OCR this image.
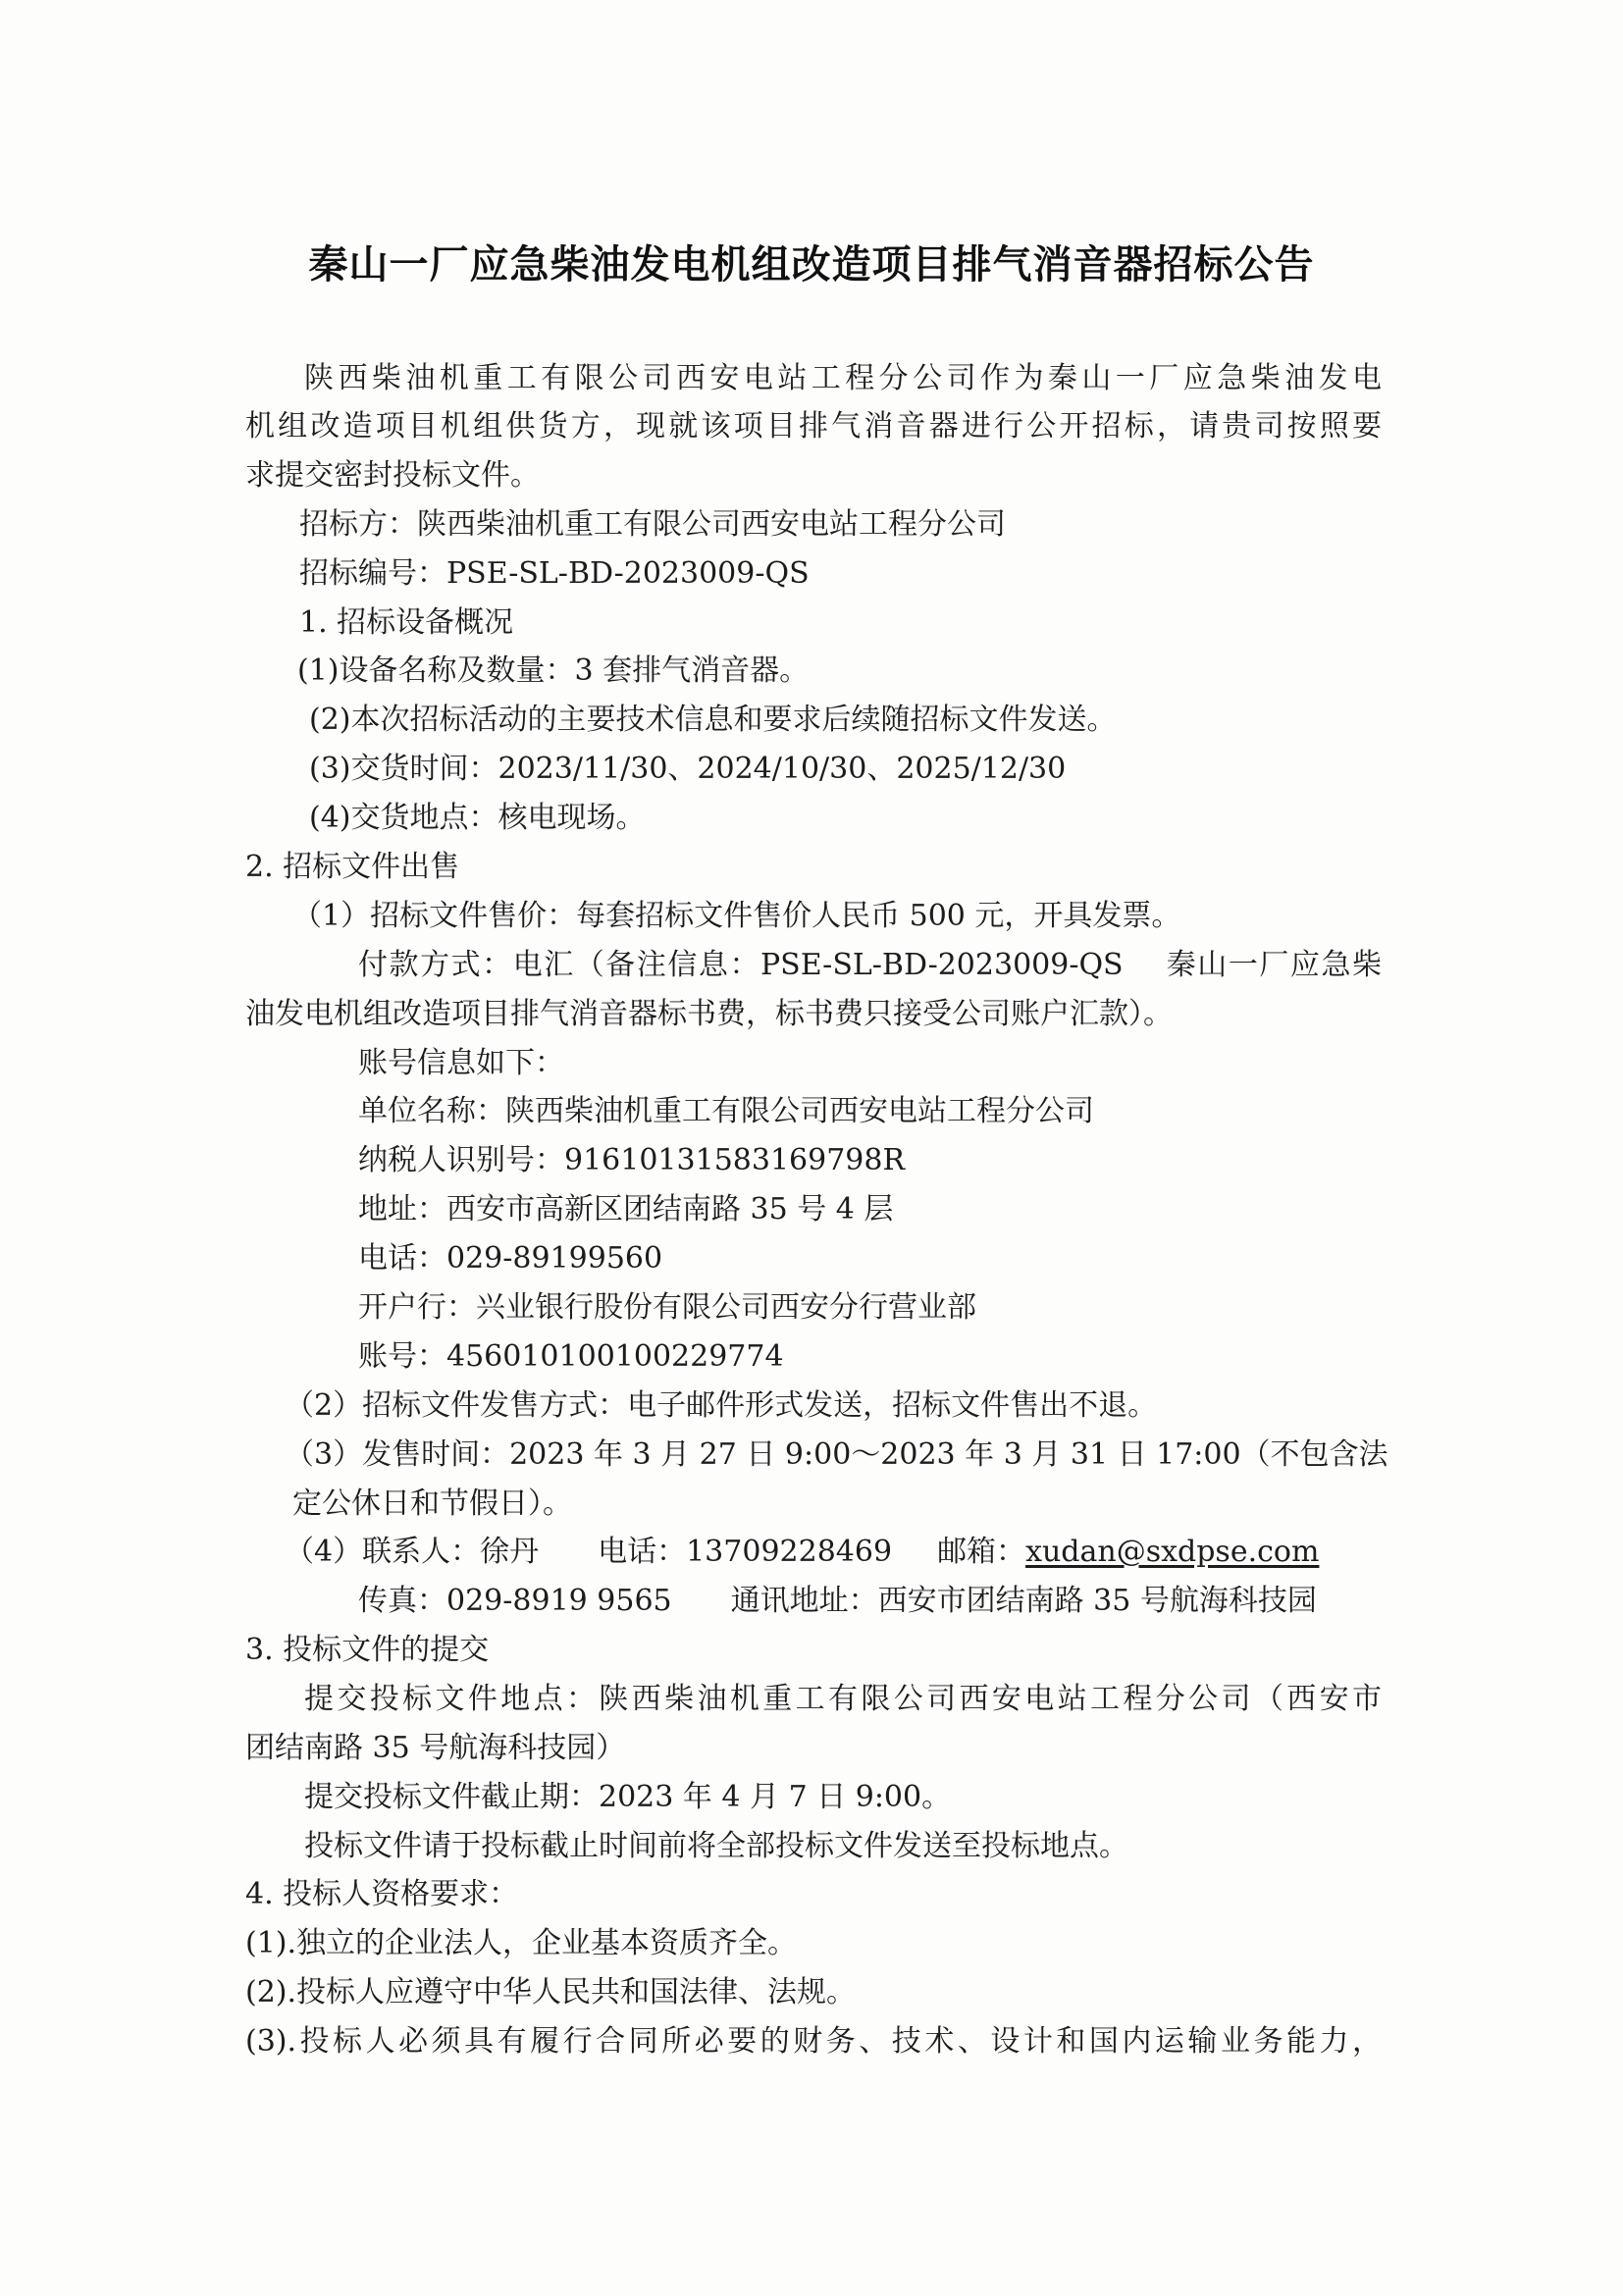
秦山一厂应急柴油发电机组改造项目排气消音器招标公告
陕西柴油机重工有限公司西安电站工程分公司作为秦山一厂应急柴油发电
机组改造项目机组供货方，现就该项目排气消音器进行公开招标，请贵司按照要
求提交密封投标文件。
招标方：陕西柴油机重工有限公司西安电站工程分公司
招标编号：PSE-SL-BD-2023009-QS
1. 招标设备概况
(1)设备名称及数量：3 套排气消音器。
(2)本次招标活动的主要技术信息和要求后续随招标文件发送。
(3)交货时间：2023/11/30、2024/10/30、2025/12/30
(4)交货地点：核电现场。
2. 招标文件出售
（1）招标文件售价：每套招标文件售价人民币 500 元，开具发票。
付款方式：电汇（备注信息：PSE-SL-BD-2023009-QS　 秦山一厂应急柴
油发电机组改造项目排气消音器标书费，标书费只接受公司账户汇款）。
账号信息如下：
单位名称：陕西柴油机重工有限公司西安电站工程分公司
纳税人识别号：91610131583169798R
地址：西安市高新区团结南路 35 号 4 层
电话：029-89199560
开户行：兴业银行股份有限公司西安分行营业部
账号：456010100100229774
（2）招标文件发售方式：电子邮件形式发送，招标文件售出不退。
（3）发售时间：2023 年 3 月 27 日 9:00～2023 年 3 月 31 日 17:00（不包含法
定公休日和节假日）。
（4）联系人：徐丹 电话：13709228469 邮箱：xudan@sxdpse.com
传真：029-8919 9565 通讯地址：西安市团结南路 35 号航海科技园
3. 投标文件的提交
提交投标文件地点：陕西柴油机重工有限公司西安电站工程分公司（西安市
团结南路 35 号航海科技园）
提交投标文件截止期：2023 年 4 月 7 日 9:00。
投标文件请于投标截止时间前将全部投标文件发送至投标地点。
4. 投标人资格要求：
(1).独立的企业法人，企业基本资质齐全。
(2).投标人应遵守中华人民共和国法律、法规。
(3).投标人必须具有履行合同所必要的财务、技术、设计和国内运输业务能力，
